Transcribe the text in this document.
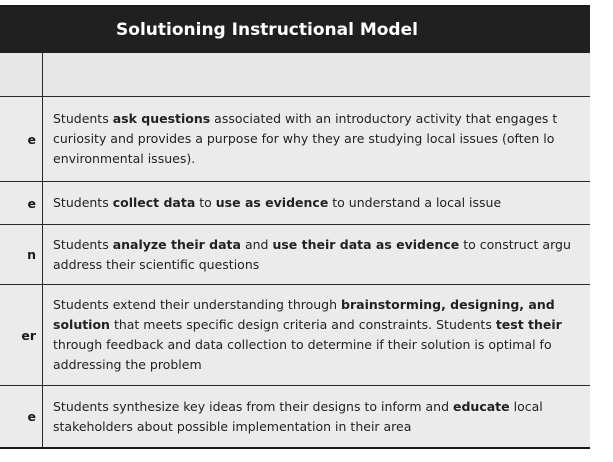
Solutioning Instructional Model
e
Students ask questions associated with an introductory activity that engages t
curiosity and provides a purpose for why they are studying local issues (often lo
environmental issues).
e Students collect data to use as evidence to understand a local issue
n
Students analyze their data and use their data as evidence to construct argu
address their scientific questions
er
Students extend their understanding through brainstorming, designing, and
solution that meets specific design criteria and constraints. Students test their
through feedback and data collection to determine if their solution is optimal fo
addressing the problem
e
Students synthesize key ideas from their designs to inform and educate local
stakeholders about possible implementation in their area
